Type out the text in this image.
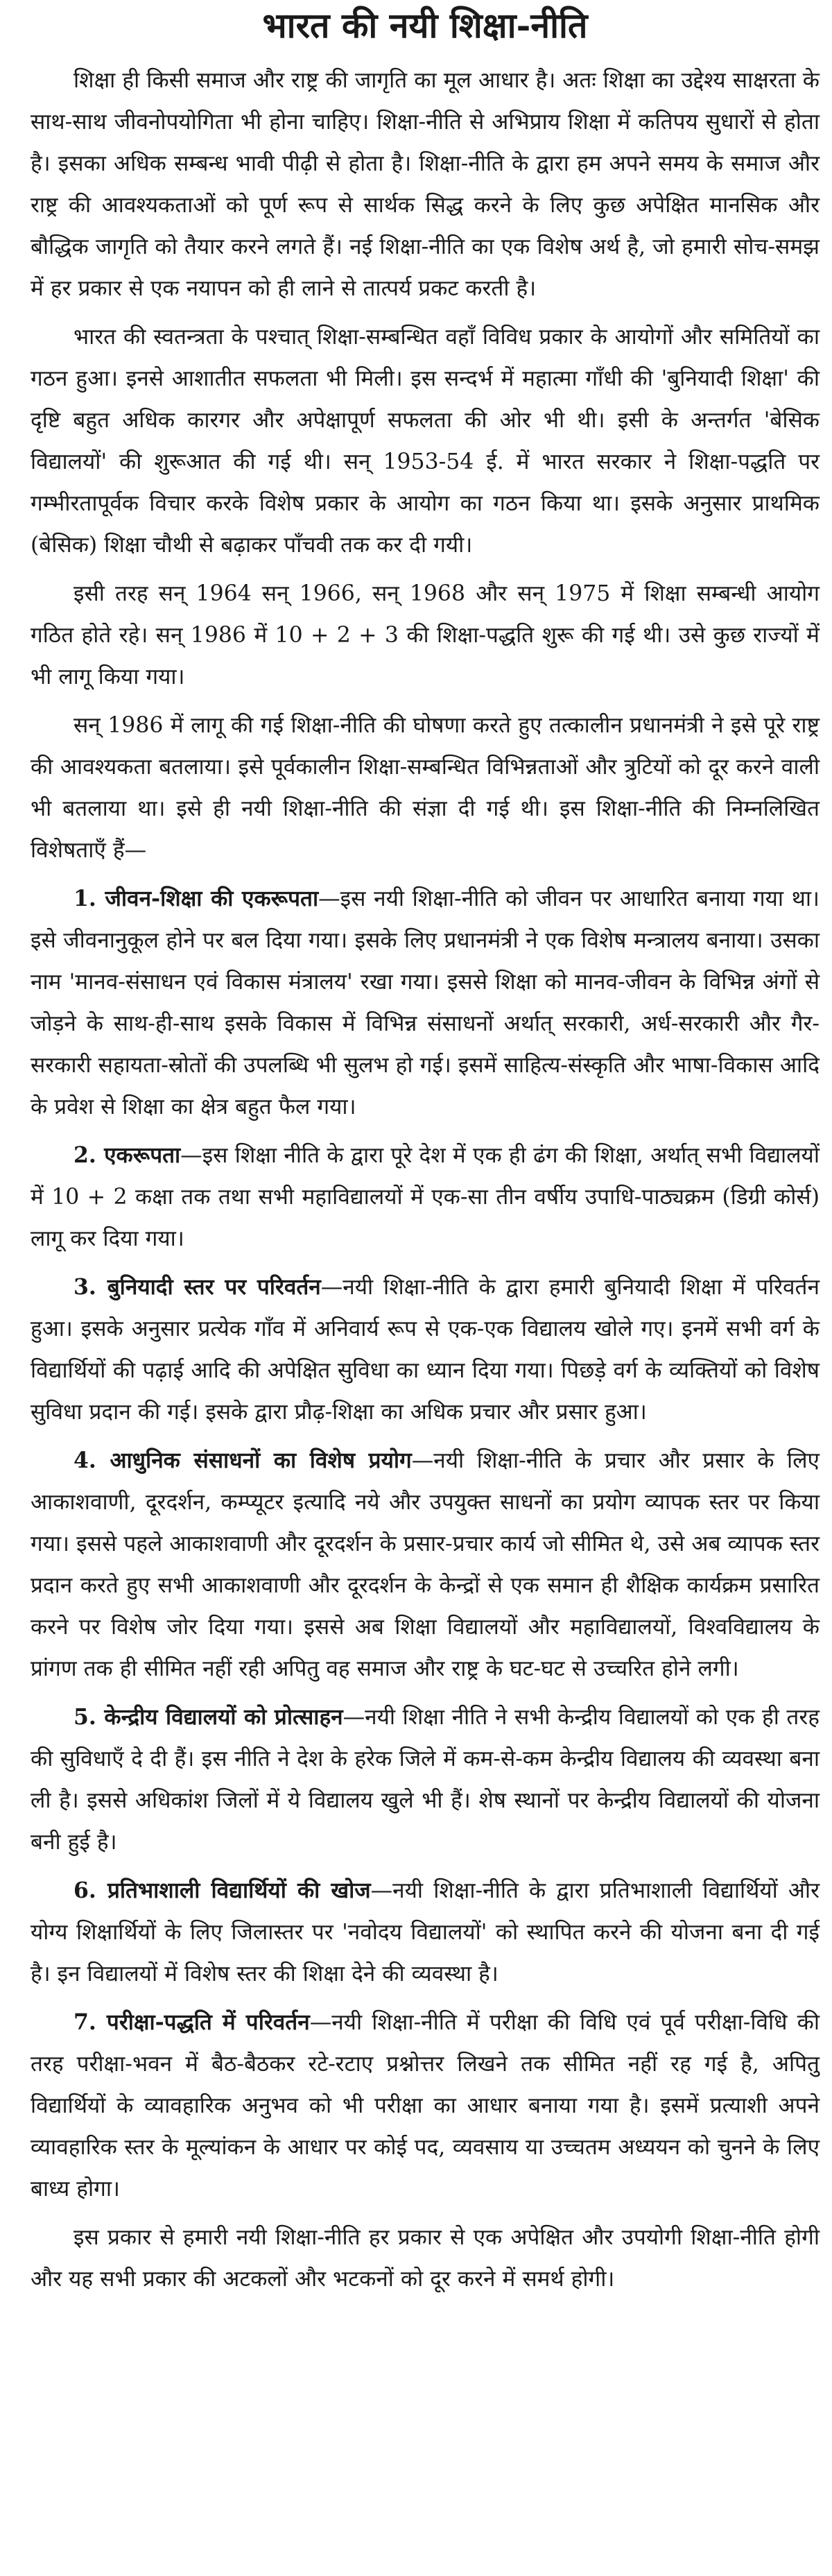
भारत की नयी शिक्षा-नीति

शिक्षा ही किसी समाज और राष्ट्र की जागृति का मूल आधार है। अतः शिक्षा का उद्देश्य साक्षरता के साथ-साथ जीवनोपयोगिता भी होना चाहिए। शिक्षा-नीति से अभिप्राय शिक्षा में कतिपय सुधारों से होता है। इसका अधिक सम्बन्ध भावी पीढ़ी से होता है। शिक्षा-नीति के द्वारा हम अपने समय के समाज और राष्ट्र की आवश्यकताओं को पूर्ण रूप से सार्थक सिद्ध करने के लिए कुछ अपेक्षित मानसिक और बौद्धिक जागृति को तैयार करने लगते हैं। नई शिक्षा-नीति का एक विशेष अर्थ है, जो हमारी सोच-समझ में हर प्रकार से एक नयापन को ही लाने से तात्पर्य प्रकट करती है।

भारत की स्वतन्त्रता के पश्चात् शिक्षा-सम्बन्धित वहाँ विविध प्रकार के आयोगों और समितियों का गठन हुआ। इनसे आशातीत सफलता भी मिली। इस सन्दर्भ में महात्मा गाँधी की 'बुनियादी शिक्षा' की दृष्टि बहुत अधिक कारगर और अपेक्षापूर्ण सफलता की ओर भी थी। इसी के अन्तर्गत 'बेसिक विद्यालयों' की शुरूआत की गई थी। सन् 1953-54 ई. में भारत सरकार ने शिक्षा-पद्धति पर गम्भीरतापूर्वक विचार करके विशेष प्रकार के आयोग का गठन किया था। इसके अनुसार प्राथमिक (बेसिक) शिक्षा चौथी से बढ़ाकर पाँचवी तक कर दी गयी।

इसी तरह सन् 1964 सन् 1966, सन् 1968 और सन् 1975 में शिक्षा सम्बन्धी आयोग गठित होते रहे। सन् 1986 में 10 + 2 + 3 की शिक्षा-पद्धति शुरू की गई थी। उसे कुछ राज्यों में भी लागू किया गया।

सन् 1986 में लागू की गई शिक्षा-नीति की घोषणा करते हुए तत्कालीन प्रधानमंत्री ने इसे पूरे राष्ट्र की आवश्यकता बतलाया। इसे पूर्वकालीन शिक्षा-सम्बन्धित विभिन्नताओं और त्रुटियों को दूर करने वाली भी बतलाया था। इसे ही नयी शिक्षा-नीति की संज्ञा दी गई थी। इस शिक्षा-नीति की निम्नलिखित विशेषताएँ हैं—

1. जीवन-शिक्षा की एकरूपता—इस नयी शिक्षा-नीति को जीवन पर आधारित बनाया गया था। इसे जीवनानुकूल होने पर बल दिया गया। इसके लिए प्रधानमंत्री ने एक विशेष मन्त्रालय बनाया। उसका नाम 'मानव-संसाधन एवं विकास मंत्रालय' रखा गया। इससे शिक्षा को मानव-जीवन के विभिन्न अंगों से जोड़ने के साथ-ही-साथ इसके विकास में विभिन्न संसाधनों अर्थात् सरकारी, अर्ध-सरकारी और गैर-सरकारी सहायता-स्रोतों की उपलब्धि भी सुलभ हो गई। इसमें साहित्य-संस्कृति और भाषा-विकास आदि के प्रवेश से शिक्षा का क्षेत्र बहुत फैल गया।

2. एकरूपता—इस शिक्षा नीति के द्वारा पूरे देश में एक ही ढंग की शिक्षा, अर्थात् सभी विद्यालयों में 10 + 2 कक्षा तक तथा सभी महाविद्यालयों में एक-सा तीन वर्षीय उपाधि-पाठ्यक्रम (डिग्री कोर्स) लागू कर दिया गया।

3. बुनियादी स्तर पर परिवर्तन—नयी शिक्षा-नीति के द्वारा हमारी बुनियादी शिक्षा में परिवर्तन हुआ। इसके अनुसार प्रत्येक गाँव में अनिवार्य रूप से एक-एक विद्यालय खोले गए। इनमें सभी वर्ग के विद्यार्थियों की पढ़ाई आदि की अपेक्षित सुविधा का ध्यान दिया गया। पिछड़े वर्ग के व्यक्तियों को विशेष सुविधा प्रदान की गई। इसके द्वारा प्रौढ़-शिक्षा का अधिक प्रचार और प्रसार हुआ।

4. आधुनिक संसाधनों का विशेष प्रयोग—नयी शिक्षा-नीति के प्रचार और प्रसार के लिए आकाशवाणी, दूरदर्शन, कम्प्यूटर इत्यादि नये और उपयुक्त साधनों का प्रयोग व्यापक स्तर पर किया गया। इससे पहले आकाशवाणी और दूरदर्शन के प्रसार-प्रचार कार्य जो सीमित थे, उसे अब व्यापक स्तर प्रदान करते हुए सभी आकाशवाणी और दूरदर्शन के केन्द्रों से एक समान ही शैक्षिक कार्यक्रम प्रसारित करने पर विशेष जोर दिया गया। इससे अब शिक्षा विद्यालयों और महाविद्यालयों, विश्वविद्यालय के प्रांगण तक ही सीमित नहीं रही अपितु वह समाज और राष्ट्र के घट-घट से उच्चरित होने लगी।

5. केन्द्रीय विद्यालयों को प्रोत्साहन—नयी शिक्षा नीति ने सभी केन्द्रीय विद्यालयों को एक ही तरह की सुविधाएँ दे दी हैं। इस नीति ने देश के हरेक जिले में कम-से-कम केन्द्रीय विद्यालय की व्यवस्था बना ली है। इससे अधिकांश जिलों में ये विद्यालय खुले भी हैं। शेष स्थानों पर केन्द्रीय विद्यालयों की योजना बनी हुई है।

6. प्रतिभाशाली विद्यार्थियों की खोज—नयी शिक्षा-नीति के द्वारा प्रतिभाशाली विद्यार्थियों और योग्य शिक्षार्थियों के लिए जिलास्तर पर 'नवोदय विद्यालयों' को स्थापित करने की योजना बना दी गई है। इन विद्यालयों में विशेष स्तर की शिक्षा देने की व्यवस्था है।

7. परीक्षा-पद्धति में परिवर्तन—नयी शिक्षा-नीति में परीक्षा की विधि एवं पूर्व परीक्षा-विधि की तरह परीक्षा-भवन में बैठ-बैठकर रटे-रटाए प्रश्नोत्तर लिखने तक सीमित नहीं रह गई है, अपितु विद्यार्थियों के व्यावहारिक अनुभव को भी परीक्षा का आधार बनाया गया है। इसमें प्रत्याशी अपने व्यावहारिक स्तर के मूल्यांकन के आधार पर कोई पद, व्यवसाय या उच्चतम अध्ययन को चुनने के लिए बाध्य होगा।

इस प्रकार से हमारी नयी शिक्षा-नीति हर प्रकार से एक अपेक्षित और उपयोगी शिक्षा-नीति होगी और यह सभी प्रकार की अटकलों और भटकनों को दूर करने में समर्थ होगी।
